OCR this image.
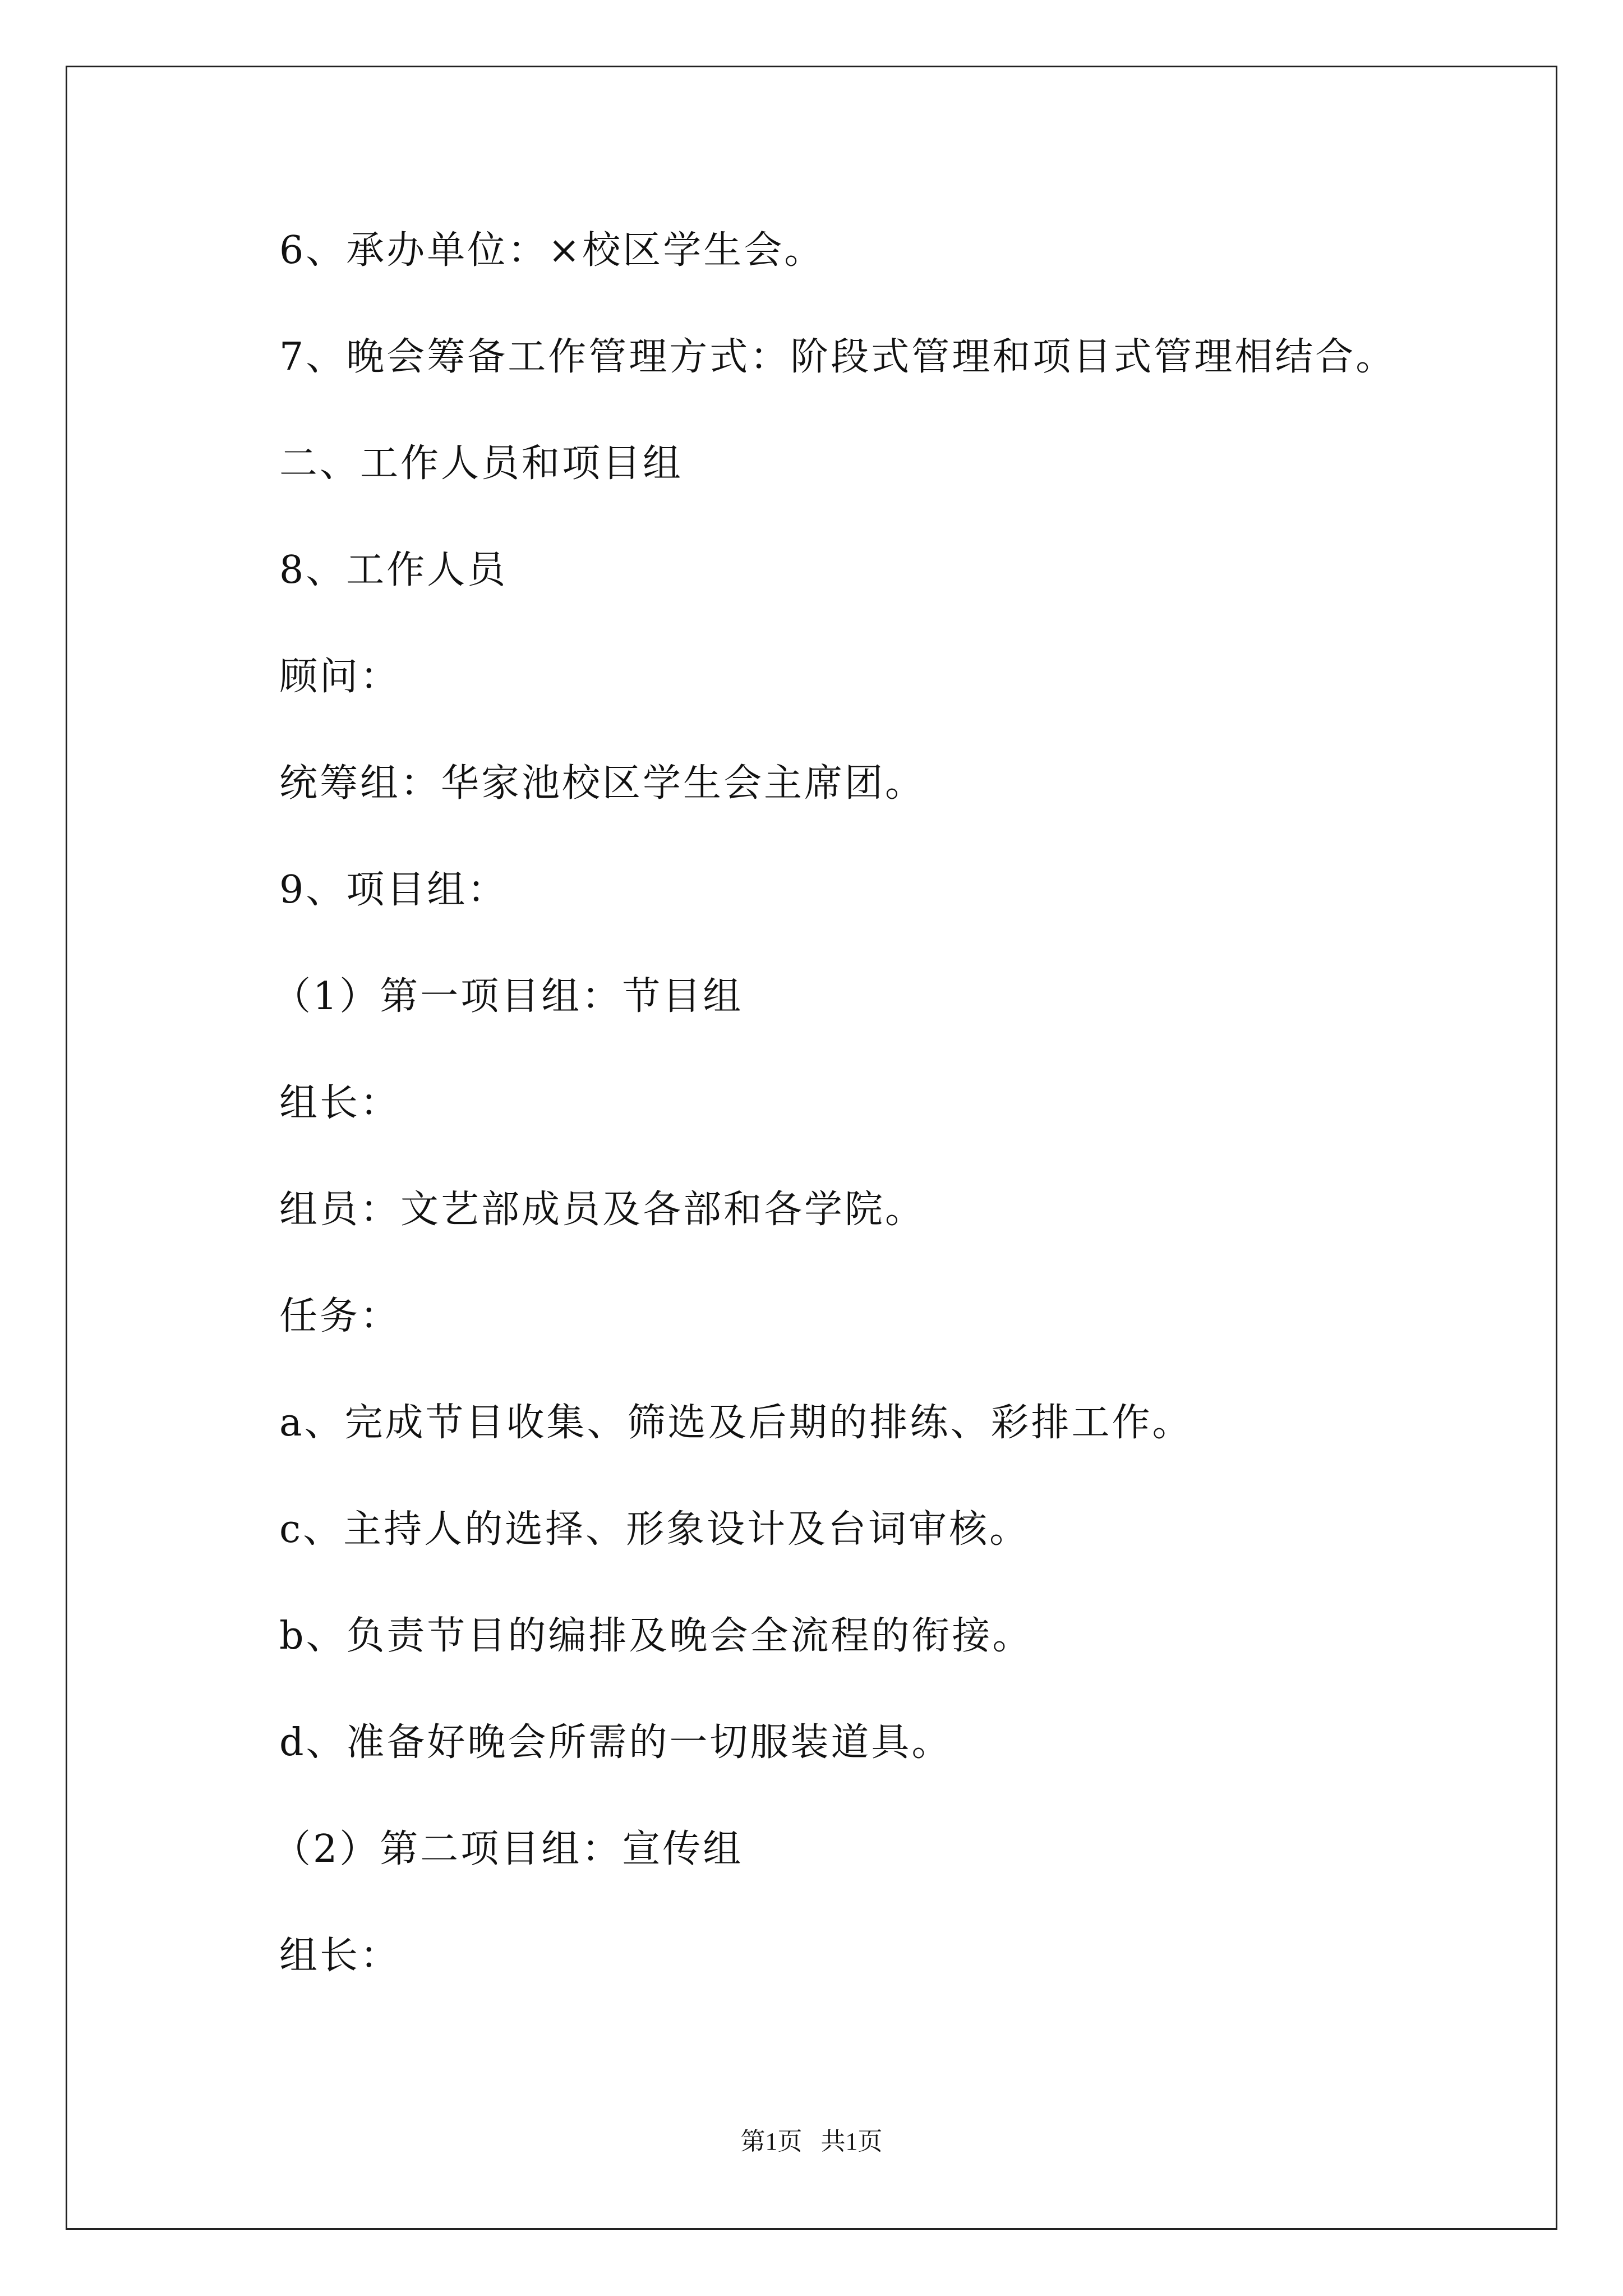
6、承办单位：×校区学生会。
7、晚会筹备工作管理方式：阶段式管理和项目式管理相结合。
二、工作人员和项目组
8、工作人员
顾问：
统筹组：华家池校区学生会主席团。
9、项目组：
（1）第一项目组：节目组
组长：
组员：文艺部成员及各部和各学院。
任务：
a、完成节目收集、筛选及后期的排练、彩排工作。
c、主持人的选择、形象设计及台词审核。
b、负责节目的编排及晚会全流程的衔接。
d、准备好晚会所需的一切服装道具。
（2）第二项目组：宣传组
组长：
第1页   共1页
